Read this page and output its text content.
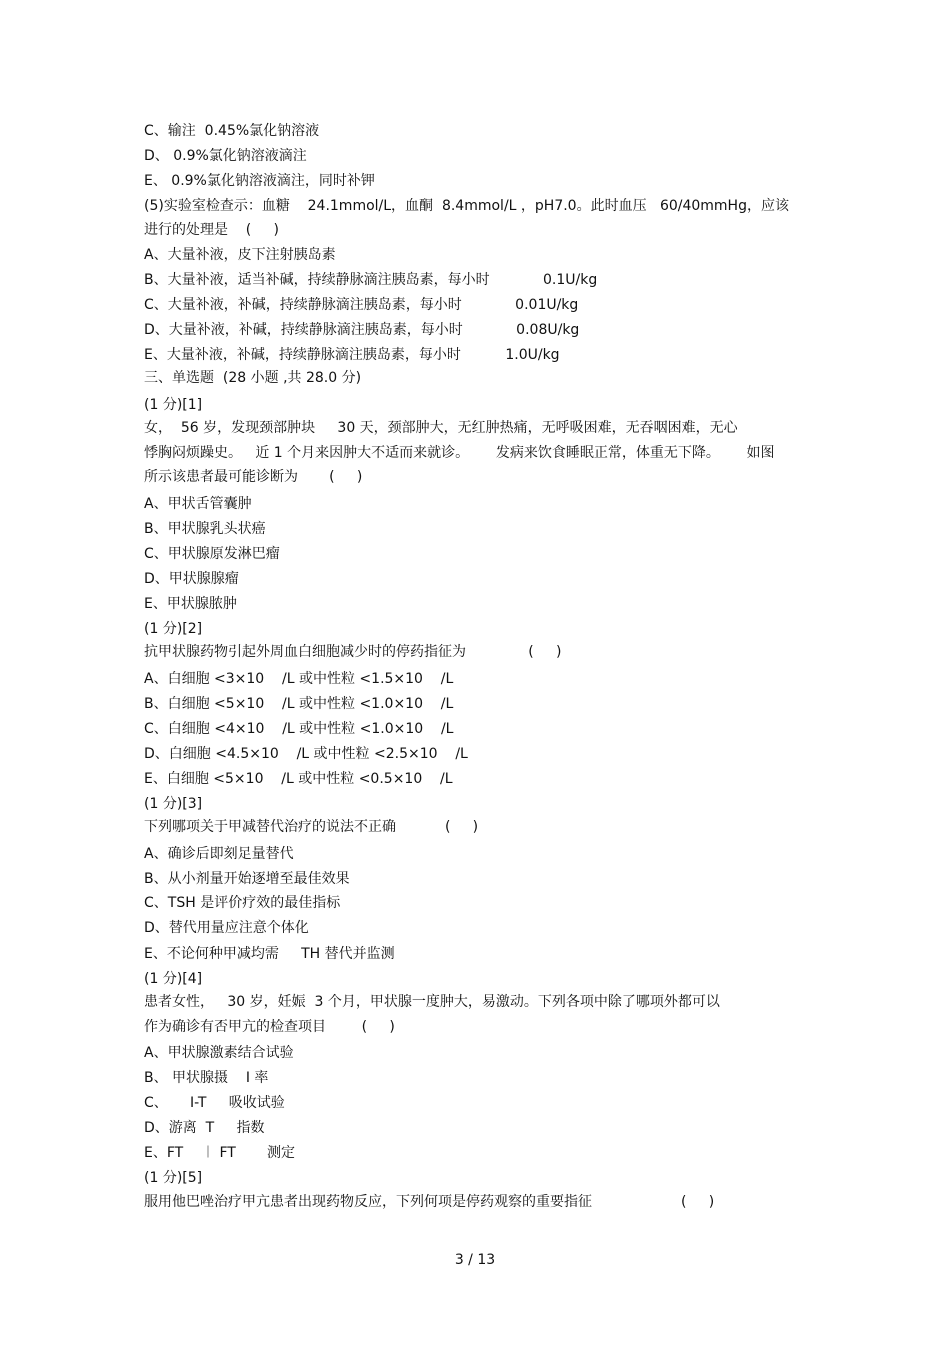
C、输注  0.45%氯化钠溶液
D、 0.9%氯化钠溶液滴注
E、 0.9%氯化钠溶液滴注，同时补钾
(5)实验室检查示：血糖    24.1mmol/L，血酮  8.4mmol/L ，pH7.0。此时血压   60/40mmHg，应该
进行的处理是    (     )
A、大量补液，皮下注射胰岛素
B、大量补液，适当补碱，持续静脉滴注胰岛素，每小时            0.1U/kg
C、大量补液，补碱，持续静脉滴注胰岛素，每小时            0.01U/kg
D、大量补液，补碱，持续静脉滴注胰岛素，每小时            0.08U/kg
E、大量补液，补碱，持续静脉滴注胰岛素，每小时          1.0U/kg
三、单选题  (28 小题 ,共 28.0 分)
(1 分)[1]
女，  56 岁，发现颈部肿块     30 天，颈部肿大，无红肿热痛，无呼吸困难，无吞咽困难，无心
悸胸闷烦躁史。   近 1 个月来因肿大不适而来就诊。      发病来饮食睡眠正常，体重无下降。      如图
所示该患者最可能诊断为       (     )
A、甲状舌管囊肿
B、甲状腺乳头状癌
C、甲状腺原发淋巴瘤
D、甲状腺腺瘤
E、甲状腺脓肿
(1 分)[2]
抗甲状腺药物引起外周血白细胞减少时的停药指征为              (     )
A、白细胞 <3×10    /L 或中性粒 <1.5×10    /L
B、白细胞 <5×10    /L 或中性粒 <1.0×10    /L
C、白细胞 <4×10    /L 或中性粒 <1.0×10    /L
D、白细胞 <4.5×10    /L 或中性粒 <2.5×10    /L
E、白细胞 <5×10    /L 或中性粒 <0.5×10    /L
(1 分)[3]
下列哪项关于甲减替代治疗的说法不正确           (     )
A、确诊后即刻足量替代
B、从小剂量开始逐增至最佳效果
C、TSH 是评价疗效的最佳指标
D、替代用量应注意个体化
E、不论何种甲减均需     TH 替代并监测
(1 分)[4]
患者女性，   30 岁，妊娠  3 个月，甲状腺一度肿大，易激动。下列各项中除了哪项外都可以
作为确诊有否甲亢的检查项目        (     )
A、甲状腺激素结合试验
B、 甲状腺摄    I 率
C、     I-T     吸收试验
D、游离  T     指数
E、FT    ︱ FT       测定
(1 分)[5]
服用他巴唑治疗甲亢患者出现药物反应，下列何项是停药观察的重要指征                    (     )
3 / 13
